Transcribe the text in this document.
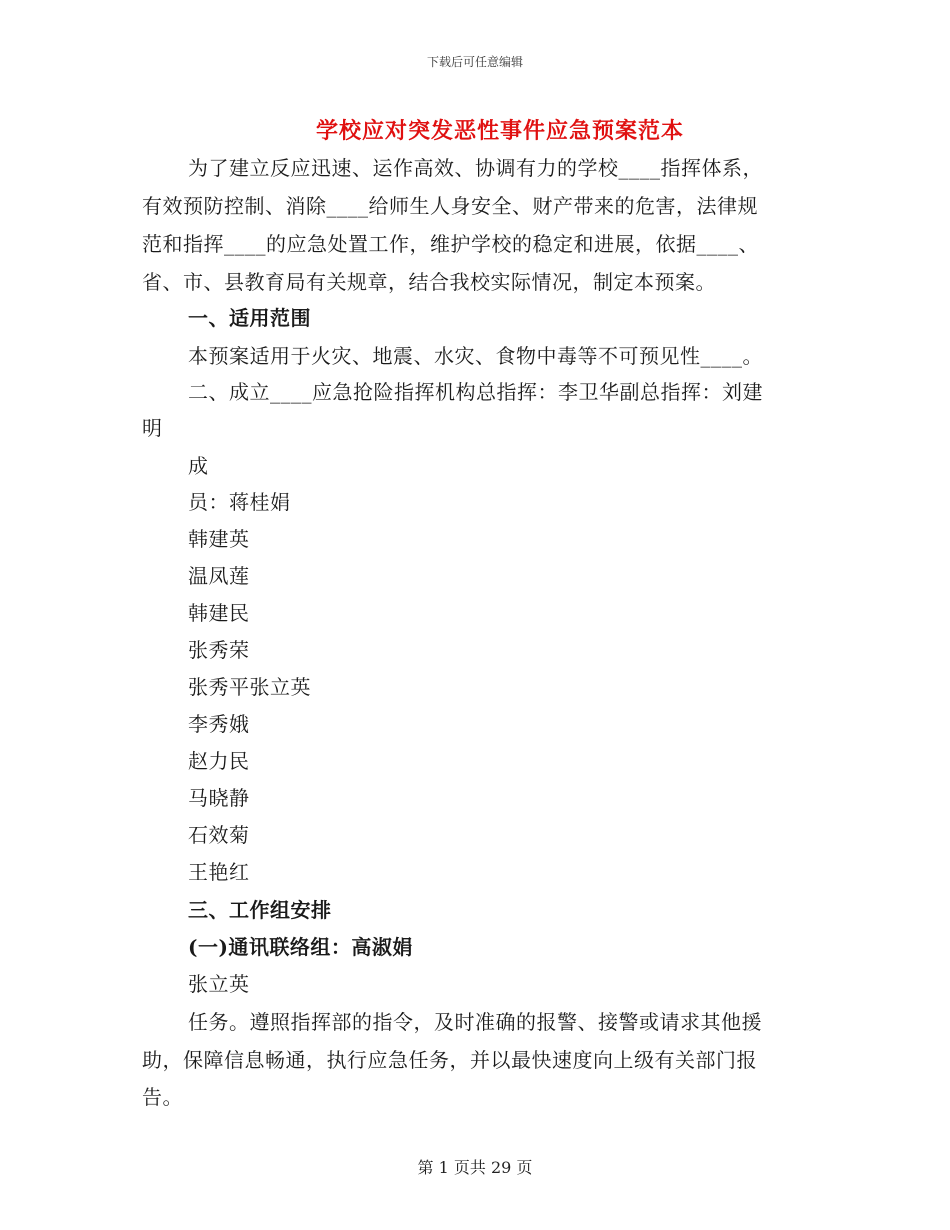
下载后可任意编辑
学校应对突发恶性事件应急预案范本
为了建立反应迅速、运作高效、协调有力的学校____指挥体系，
有效预防控制、消除____给师生人身安全、财产带来的危害，法律规
范和指挥____的应急处置工作，维护学校的稳定和进展，依据____、
省、市、县教育局有关规章，结合我校实际情况，制定本预案。
一、适用范围
本预案适用于火灾、地震、水灾、食物中毒等不可预见性____。
二、成立____应急抢险指挥机构总指挥：李卫华副总指挥：刘建
明
成
员：蒋桂娟
韩建英
温凤莲
韩建民
张秀荣
张秀平张立英
李秀娥
赵力民
马晓静
石效菊
王艳红
三、工作组安排
(一)通讯联络组：高淑娟
张立英
任务。遵照指挥部的指令，及时准确的报警、接警或请求其他援
助，保障信息畅通，执行应急任务，并以最快速度向上级有关部门报
告。
第 1 页共 29 页
